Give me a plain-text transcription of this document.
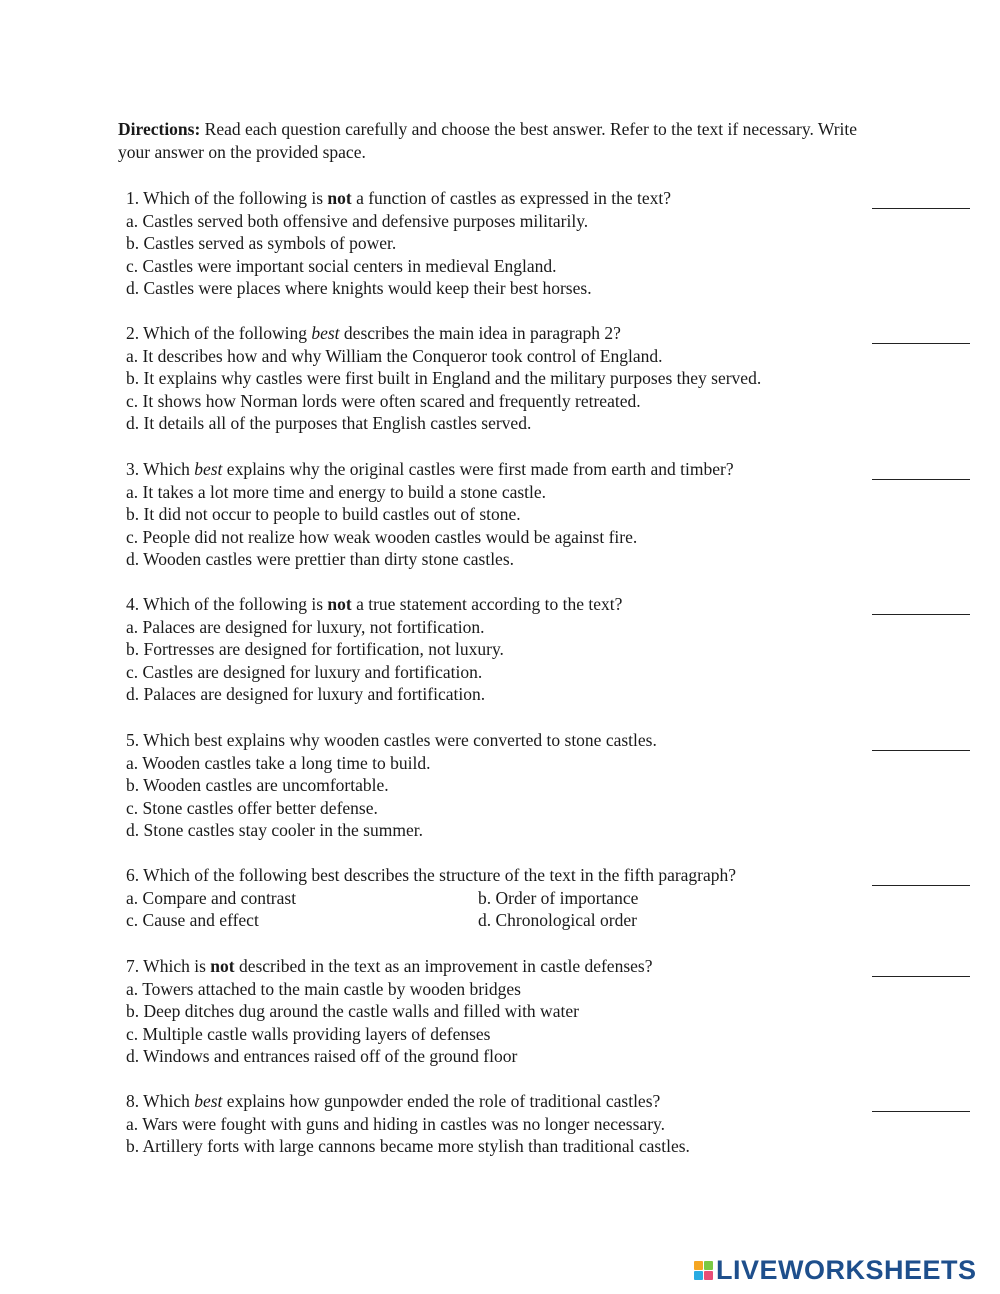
Directions: Read each question carefully and choose the best answer. Refer to the text if necessary. Write your answer on the provided space.
1. Which of the following is not a function of castles as expressed in the text?
a. Castles served both offensive and defensive purposes militarily.
b. Castles served as symbols of power.
c. Castles were important social centers in medieval England.
d. Castles were places where knights would keep their best horses.
2. Which of the following best describes the main idea in paragraph 2?
a. It describes how and why William the Conqueror took control of England.
b. It explains why castles were first built in England and the military purposes they served.
c. It shows how Norman lords were often scared and frequently retreated.
d. It details all of the purposes that English castles served.
3. Which best explains why the original castles were first made from earth and timber?
a. It takes a lot more time and energy to build a stone castle.
b. It did not occur to people to build castles out of stone.
c. People did not realize how weak wooden castles would be against fire.
d. Wooden castles were prettier than dirty stone castles.
4. Which of the following is not a true statement according to the text?
a. Palaces are designed for luxury, not fortification.
b. Fortresses are designed for fortification, not luxury.
c. Castles are designed for luxury and fortification.
d. Palaces are designed for luxury and fortification.
5. Which best explains why wooden castles were converted to stone castles.
a. Wooden castles take a long time to build.
b. Wooden castles are uncomfortable.
c. Stone castles offer better defense.
d. Stone castles stay cooler in the summer.
6. Which of the following best describes the structure of the text in the fifth paragraph?
a. Compare and contrast	b. Order of importance
c. Cause and effect	d. Chronological order
7. Which is not described in the text as an improvement in castle defenses?
a. Towers attached to the main castle by wooden bridges
b. Deep ditches dug around the castle walls and filled with water
c. Multiple castle walls providing layers of defenses
d. Windows and entrances raised off of the ground floor
8. Which best explains how gunpowder ended the role of traditional castles?
a. Wars were fought with guns and hiding in castles was no longer necessary.
b. Artillery forts with large cannons became more stylish than traditional castles.
LIVEWORKSHEETS
